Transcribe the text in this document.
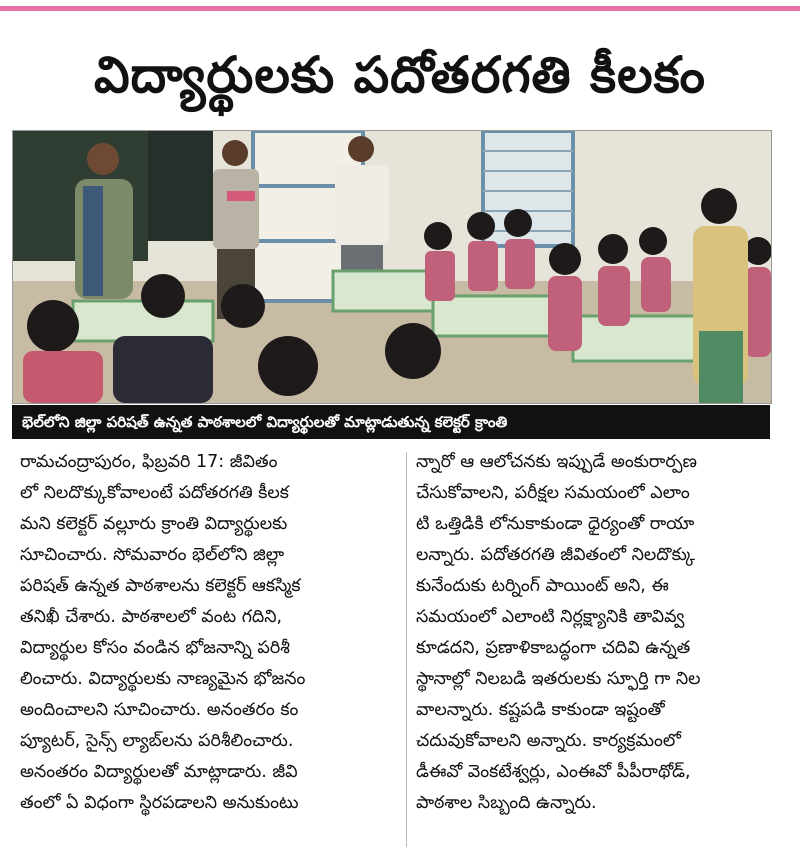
విద్యార్థులకు పదోతరగతి కీలకం
భెల్‌లోని జిల్లా పరిషత్ ఉన్నత పాఠశాలలో విద్యార్థులతో మాట్లాడుతున్న కలెక్టర్ క్రాంతి
రామచంద్రాపురం, ఫిబ్రవరి 17: జీవితం
లో నిలదొక్కుకోవాలంటే పదోతరగతి కీలక
మని కలెక్టర్ వల్లూరు క్రాంతి విద్యార్థులకు
సూచించారు. సోమవారం భెల్‌లోని జిల్లా
పరిషత్ ఉన్నత పాఠశాలను కలెక్టర్ ఆకస్మిక
తనిఖీ చేశారు. పాఠశాలలో వంట గదిని,
విద్యార్థుల కోసం వండిన భోజనాన్ని పరిశీ
లించారు. విద్యార్థులకు నాణ్యమైన భోజనం
అందించాలని సూచించారు. అనంతరం కం
ప్యూటర్, సైన్స్ ల్యాబ్‌లను పరిశీలించారు.
అనంతరం విద్యార్థులతో మాట్లాడారు. జీవి
తంలో ఏ విధంగా స్థిరపడాలని అనుకుంటు
న్నారో ఆ ఆలోచనకు ఇప్పుడే అంకురార్పణ
చేసుకోవాలని, పరీక్షల సమయంలో ఎలాం
టి ఒత్తిడికి లోనుకాకుండా ధైర్యంతో రాయా
లన్నారు. పదోతరగతి జీవితంలో నిలదొక్కు
కునేందుకు టర్నింగ్ పాయింట్ అని, ఈ
సమయంలో ఎలాంటి నిర్లక్ష్యానికి తావివ్వ
కూడదని, ప్రణాళికాబద్ధంగా చదివి ఉన్నత
స్థానాల్లో నిలబడి ఇతరులకు స్ఫూర్తి గా నిల
వాలన్నారు. కష్టపడి కాకుండా ఇష్టంతో
చదువుకోవాలని అన్నారు. కార్యక్రమంలో
డీఈవో వెంకటేశ్వర్లు, ఎంఈవో పీపీరాథోడ్,
పాఠశాల సిబ్బంది ఉన్నారు.
